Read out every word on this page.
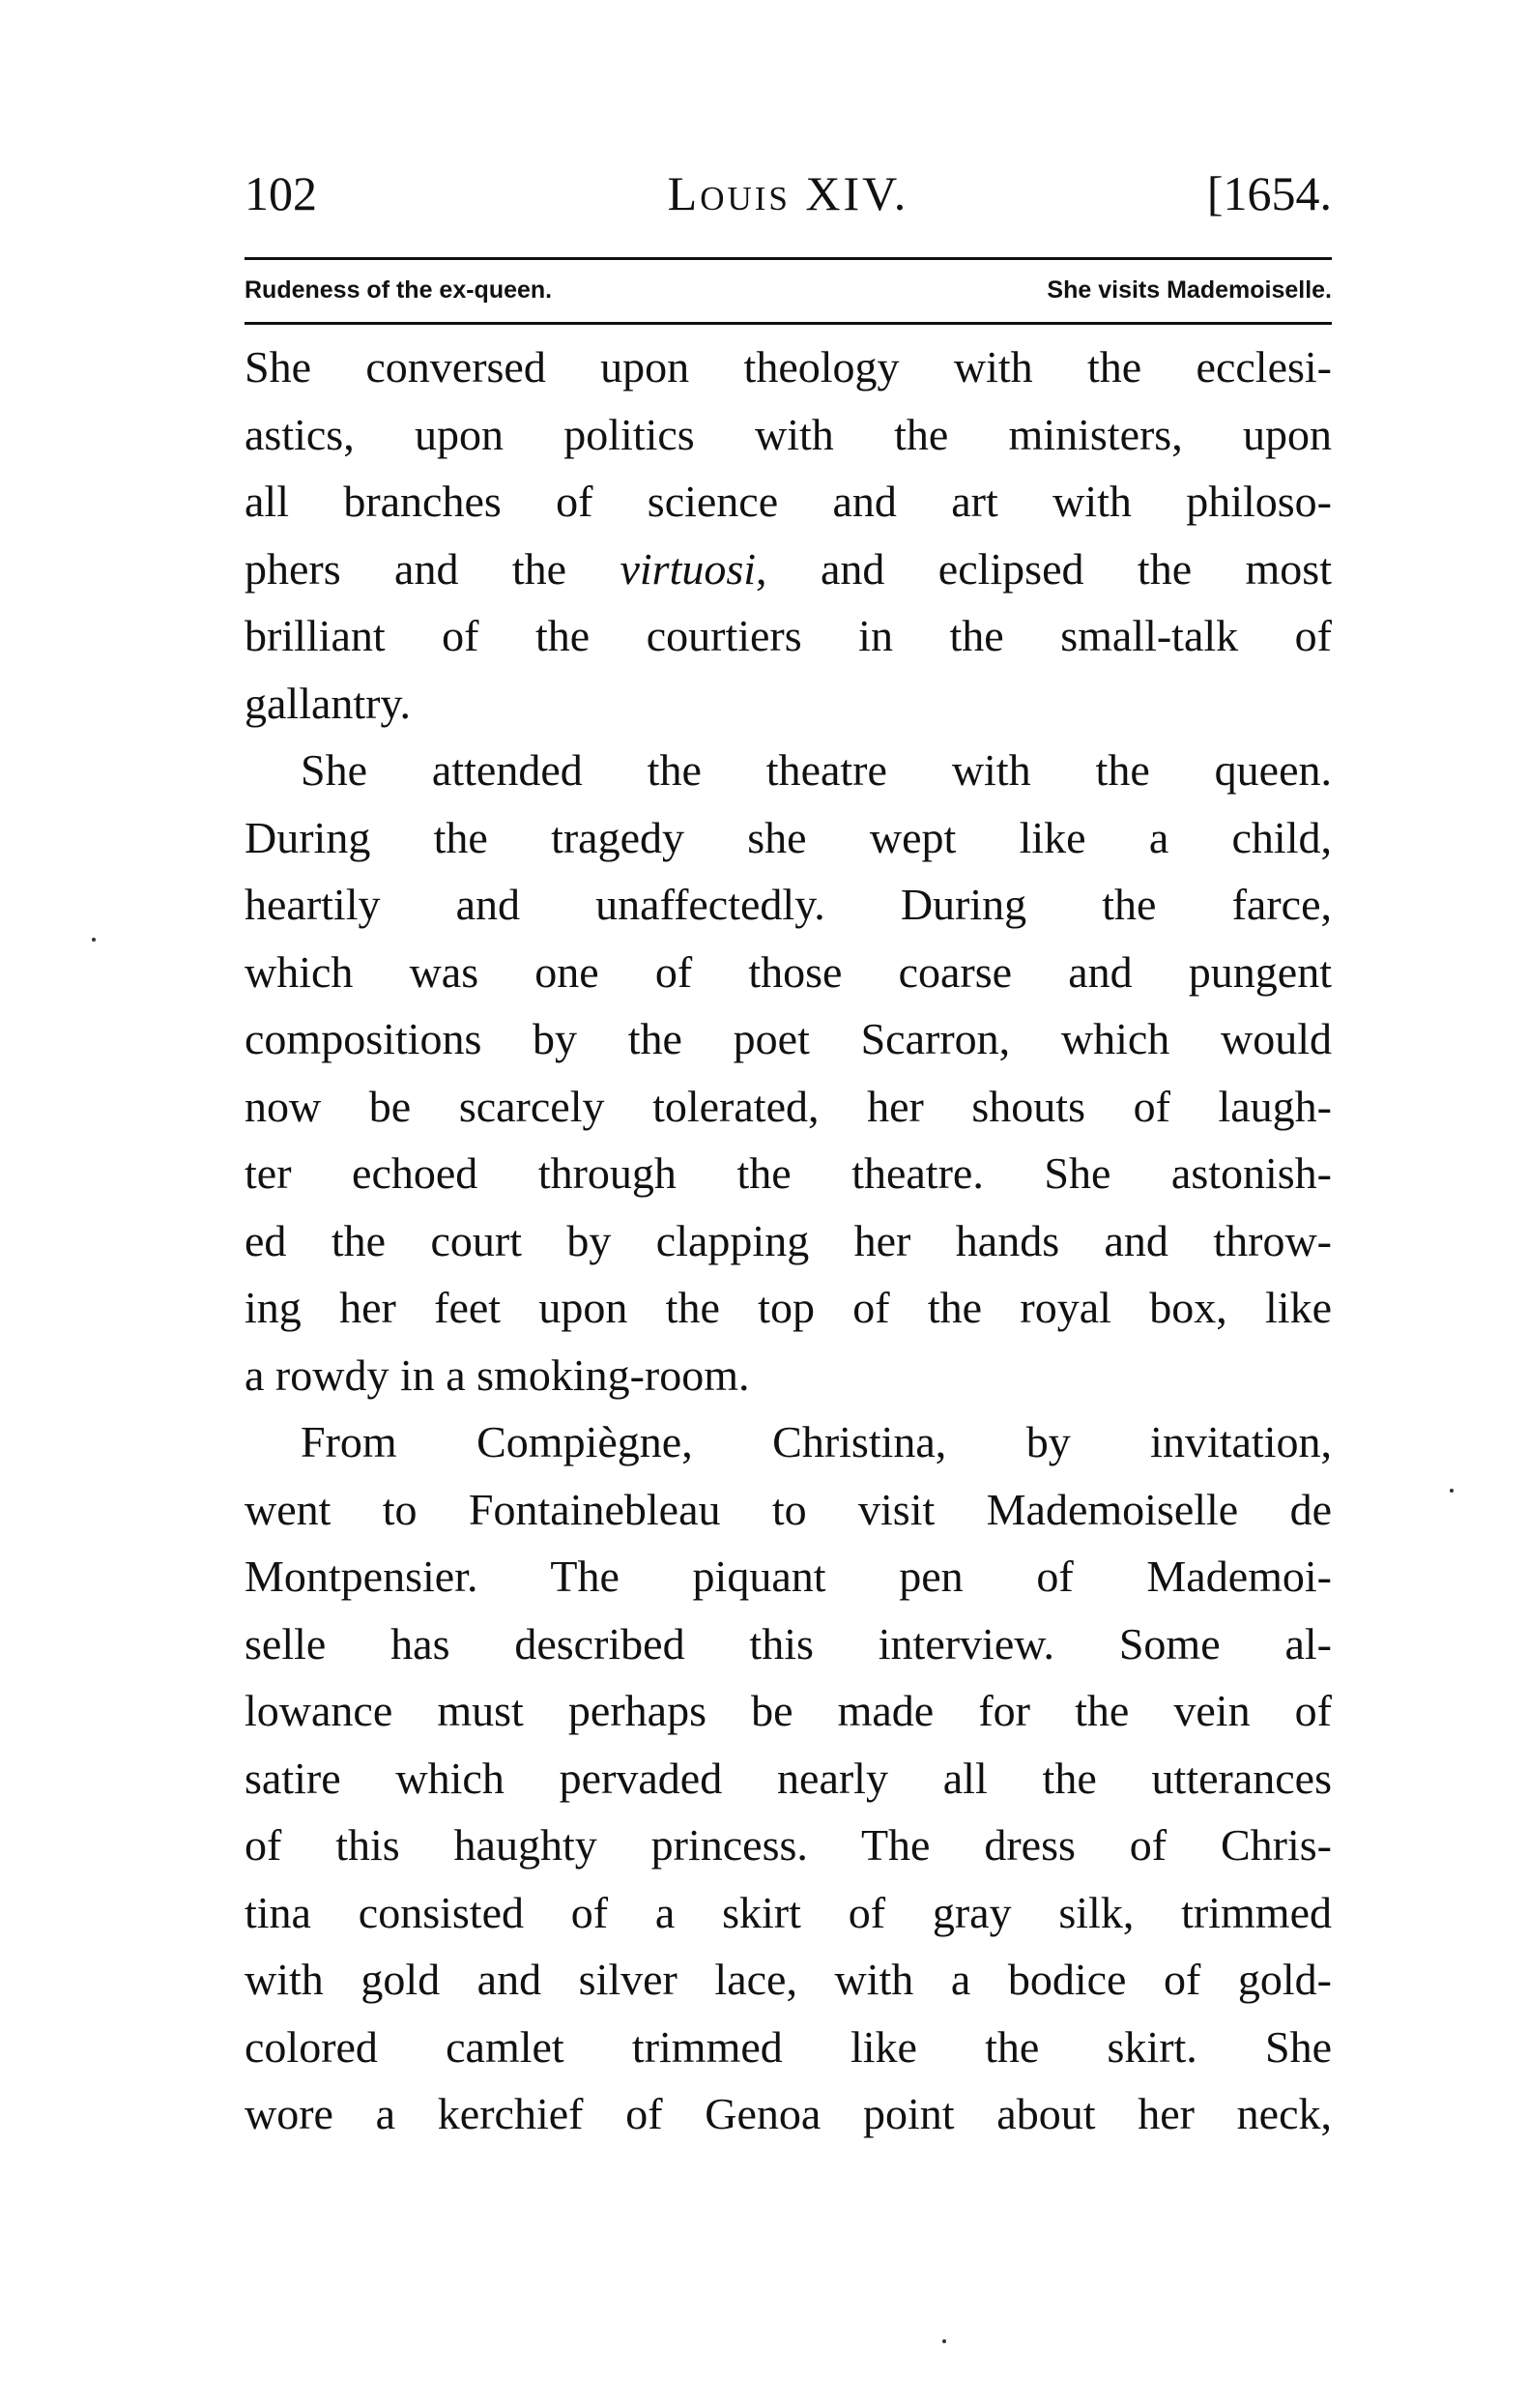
102	Louis XIV.	[1654.
Rudeness of the ex-queen.	She visits Mademoiselle.
She conversed upon theology with the ecclesi-
astics, upon politics with the ministers, upon
all branches of science and art with philoso-
phers and the virtuosi, and eclipsed the most
brilliant of the courtiers in the small-talk of
gallantry.
She attended the theatre with the queen.
During the tragedy she wept like a child,
heartily and unaffectedly. During the farce,
which was one of those coarse and pungent
compositions by the poet Scarron, which would
now be scarcely tolerated, her shouts of laugh-
ter echoed through the theatre. She astonish-
ed the court by clapping her hands and throw-
ing her feet upon the top of the royal box, like
a rowdy in a smoking-room.
From Compiègne, Christina, by invitation,
went to Fontainebleau to visit Mademoiselle de
Montpensier. The piquant pen of Mademoi-
selle has described this interview. Some al-
lowance must perhaps be made for the vein of
satire which pervaded nearly all the utterances
of this haughty princess. The dress of Chris-
tina consisted of a skirt of gray silk, trimmed
with gold and silver lace, with a bodice of gold-
colored camlet trimmed like the skirt. She
wore a kerchief of Genoa point about her neck,
